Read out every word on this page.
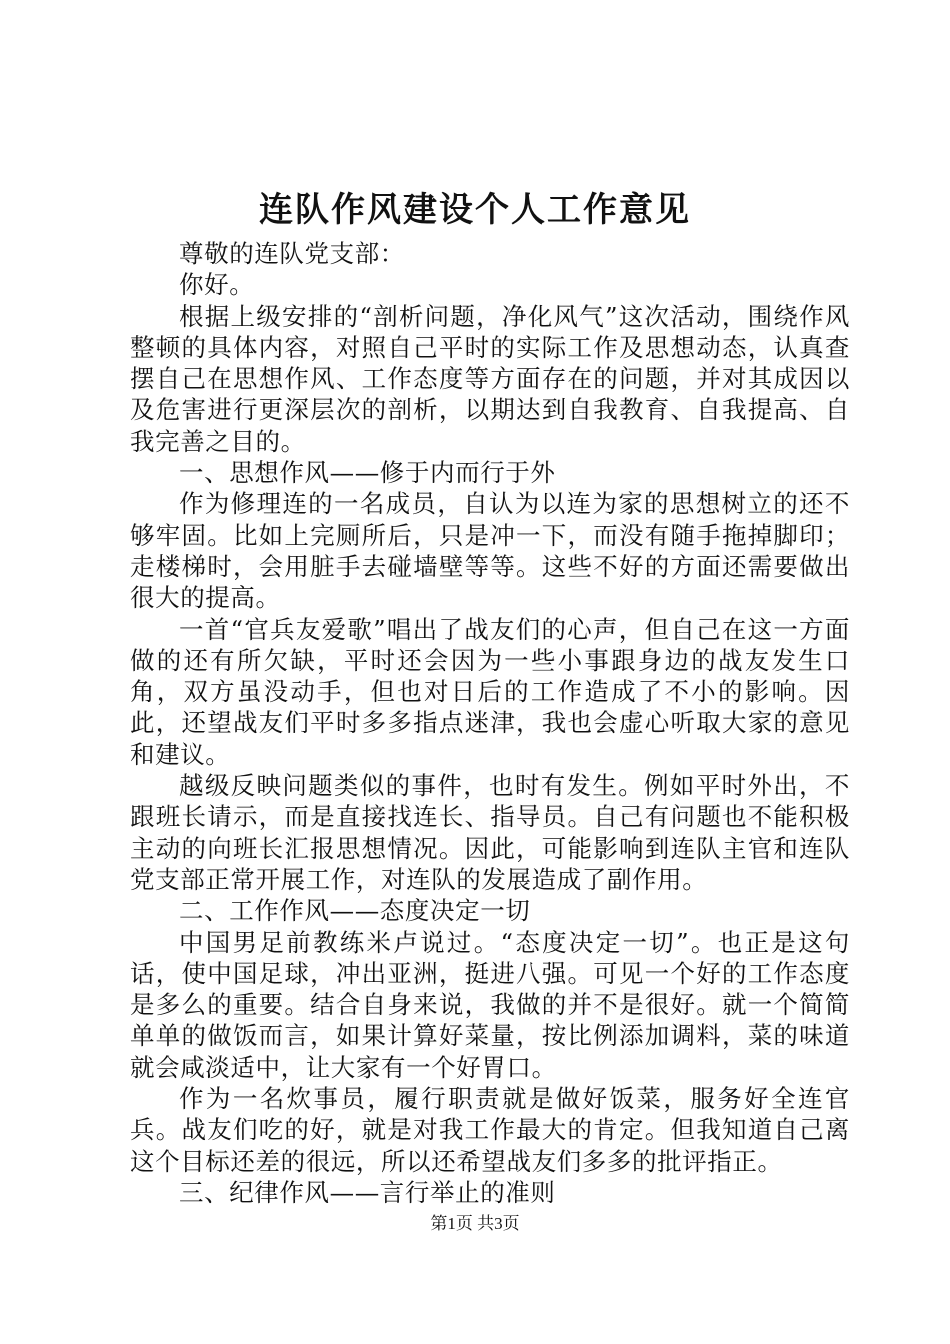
连队作风建设个人工作意见

尊敬的连队党支部：

你好。

根据上级安排的“剖析问题，净化风气”这次活动，围绕作风整顿的具体内容，对照自己平时的实际工作及思想动态，认真查摆自己在思想作风、工作态度等方面存在的问题，并对其成因以及危害进行更深层次的剖析，以期达到自我教育、自我提高、自我完善之目的。

一、思想作风——修于内而行于外

作为修理连的一名成员，自认为以连为家的思想树立的还不够牢固。比如上完厕所后，只是冲一下，而没有随手拖掉脚印；走楼梯时，会用脏手去碰墙壁等等。这些不好的方面还需要做出很大的提高。

一首“官兵友爱歌”唱出了战友们的心声，但自己在这一方面做的还有所欠缺，平时还会因为一些小事跟身边的战友发生口角，双方虽没动手，但也对日后的工作造成了不小的影响。因此，还望战友们平时多多指点迷津，我也会虚心听取大家的意见和建议。

越级反映问题类似的事件，也时有发生。例如平时外出，不跟班长请示，而是直接找连长、指导员。自己有问题也不能积极主动的向班长汇报思想情况。因此，可能影响到连队主官和连队党支部正常开展工作，对连队的发展造成了副作用。

二、工作作风——态度决定一切

中国男足前教练米卢说过。“态度决定一切”。也正是这句话，使中国足球，冲出亚洲，挺进八强。可见一个好的工作态度是多么的重要。结合自身来说，我做的并不是很好。就一个简简单单的做饭而言，如果计算好菜量，按比例添加调料，菜的味道就会咸淡适中，让大家有一个好胃口。

作为一名炊事员，履行职责就是做好饭菜，服务好全连官兵。战友们吃的好，就是对我工作最大的肯定。但我知道自己离这个目标还差的很远，所以还希望战友们多多的批评指正。

三、纪律作风——言行举止的准则

第1页 共3页
